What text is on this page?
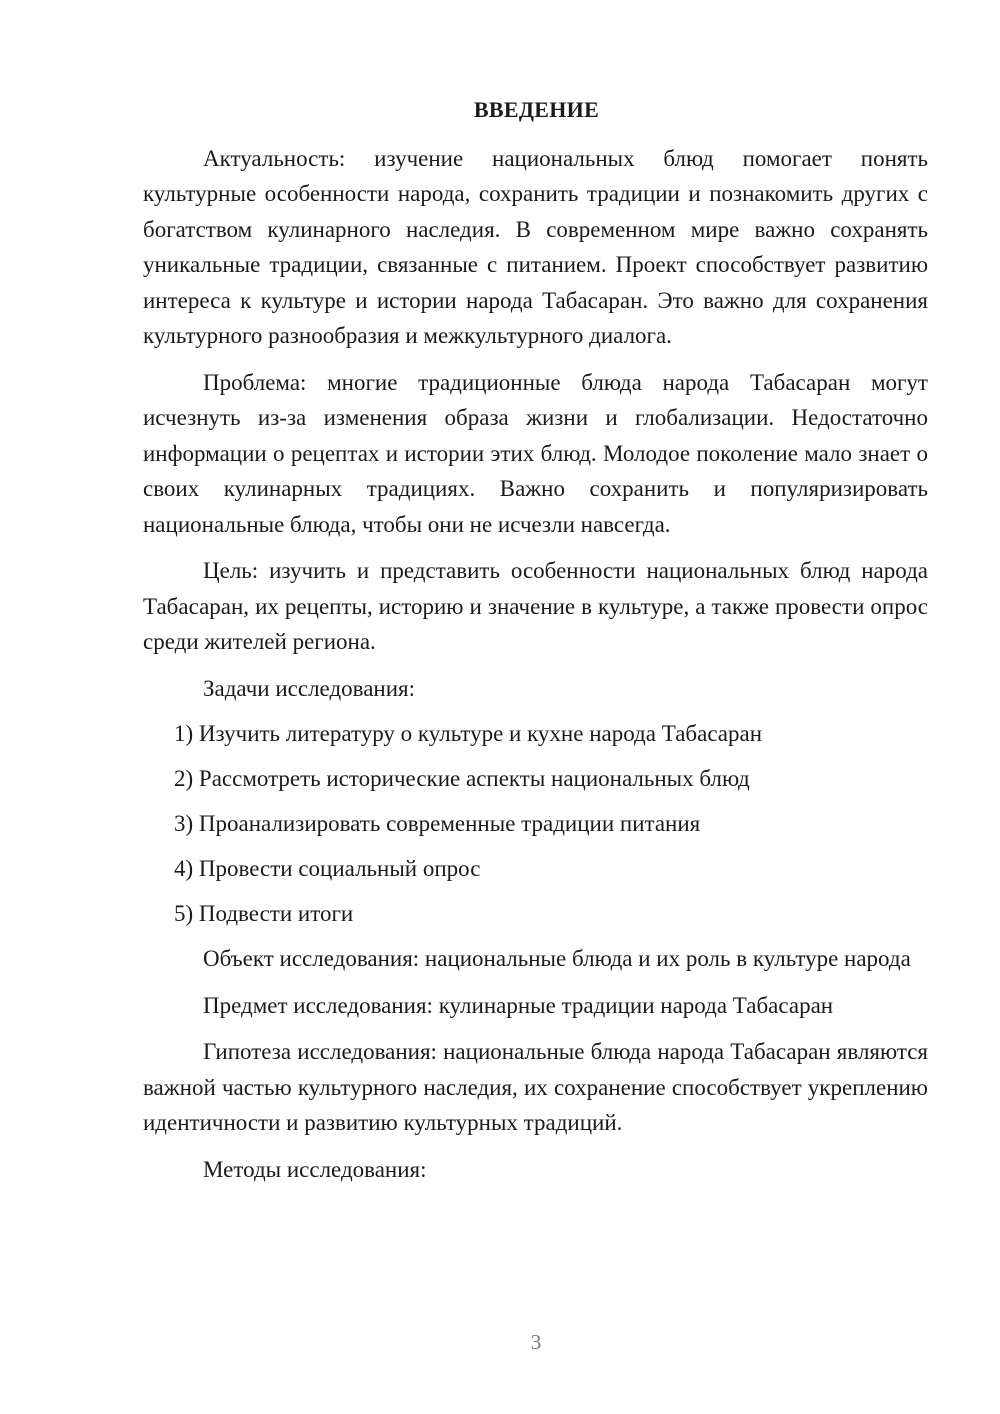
ВВЕДЕНИЕ

Актуальность: изучение национальных блюд помогает понять культурные особенности народа, сохранить традиции и познакомить других с богатством кулинарного наследия. В современном мире важно сохранять уникальные традиции, связанные с питанием. Проект способствует развитию интереса к культуре и истории народа Табасаран. Это важно для сохранения культурного разнообразия и межкультурного диалога.

Проблема: многие традиционные блюда народа Табасаран могут исчезнуть из-за изменения образа жизни и глобализации. Недостаточно информации о рецептах и истории этих блюд. Молодое поколение мало знает о своих кулинарных традициях. Важно сохранить и популяризировать национальные блюда, чтобы они не исчезли навсегда.

Цель: изучить и представить особенности национальных блюд народа Табасаран, их рецепты, историю и значение в культуре, а также провести опрос среди жителей региона.

Задачи исследования:

1) Изучить литературу о культуре и кухне народа Табасаран

2) Рассмотреть исторические аспекты национальных блюд

3) Проанализировать современные традиции питания

4) Провести социальный опрос

5) Подвести итоги

Объект исследования: национальные блюда и их роль в культуре народа

Предмет исследования: кулинарные традиции народа Табасаран

Гипотеза исследования: национальные блюда народа Табасаран являются важной частью культурного наследия, их сохранение способствует укреплению идентичности и развитию культурных традиций.

Методы исследования:

3
